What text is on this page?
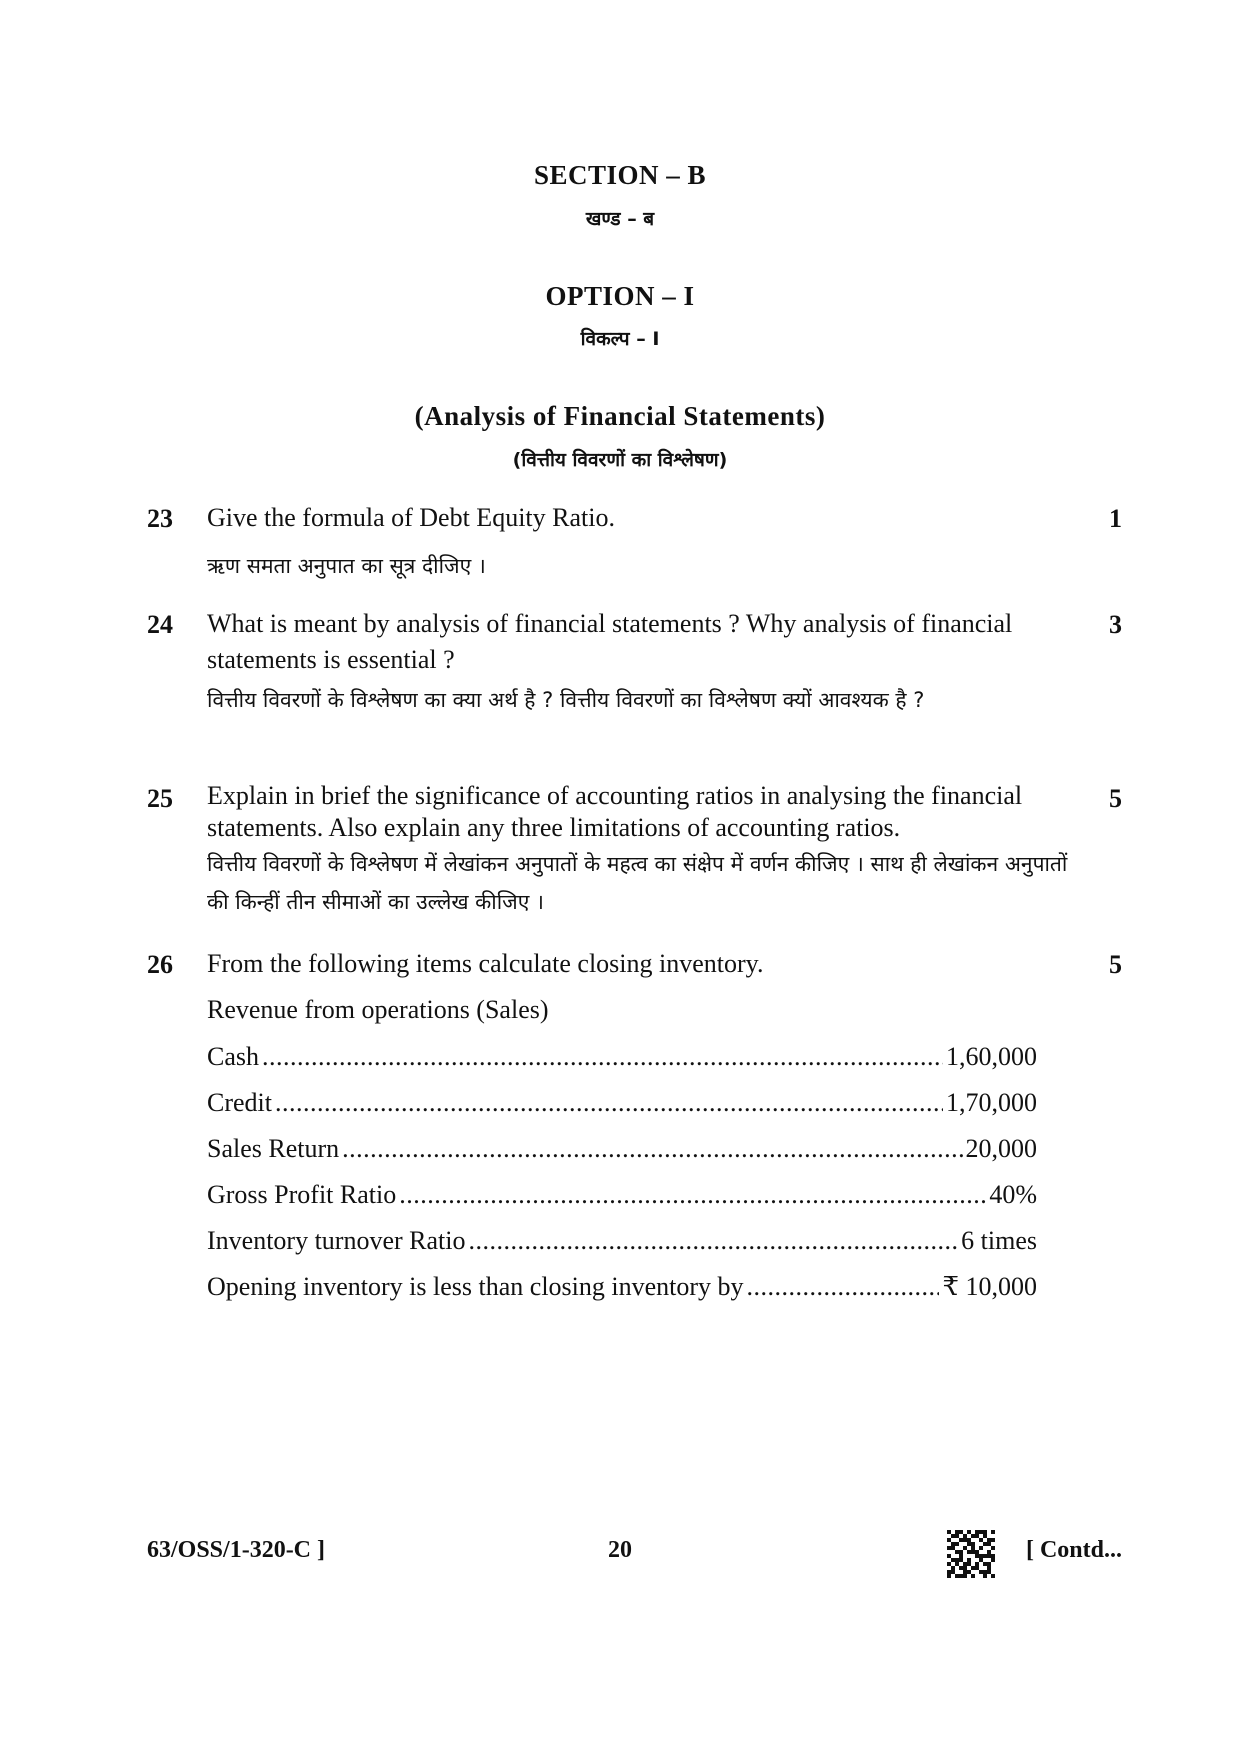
SECTION – B
खण्ड – ब
OPTION – I
विकल्प – I
(Analysis of Financial Statements)
(वित्तीय विवरणों का विश्लेषण)
23 Give the formula of Debt Equity Ratio.	1
ऋण समता अनुपात का सूत्र दीजिए ।
24 What is meant by analysis of financial statements ? Why analysis of financial statements is essential ?
3
वित्तीय विवरणों के विश्लेषण का क्या अर्थ है ? वित्तीय विवरणों का विश्लेषण क्यों आवश्यक है ?
25 Explain in brief the significance of accounting ratios in analysing the financial statements. Also explain any three limitations of accounting ratios.
5
वित्तीय विवरणों के विश्लेषण में लेखांकन अनुपातों के महत्व का संक्षेप में वर्णन कीजिए । साथ ही लेखांकन अनुपातों की किन्हीं तीन सीमाओं का उल्लेख कीजिए ।
26 From the following items calculate closing inventory.	5
Revenue from operations (Sales)
Cash .....	1,60,000
Credit .....	1,70,000
Sales Return .....	20,000
Gross Profit Ratio .....	40%
Inventory turnover Ratio .....	6 times
Opening inventory is less than closing inventory by .....	₹ 10,000
63/OSS/1-320-C ]	20	[ Contd...
